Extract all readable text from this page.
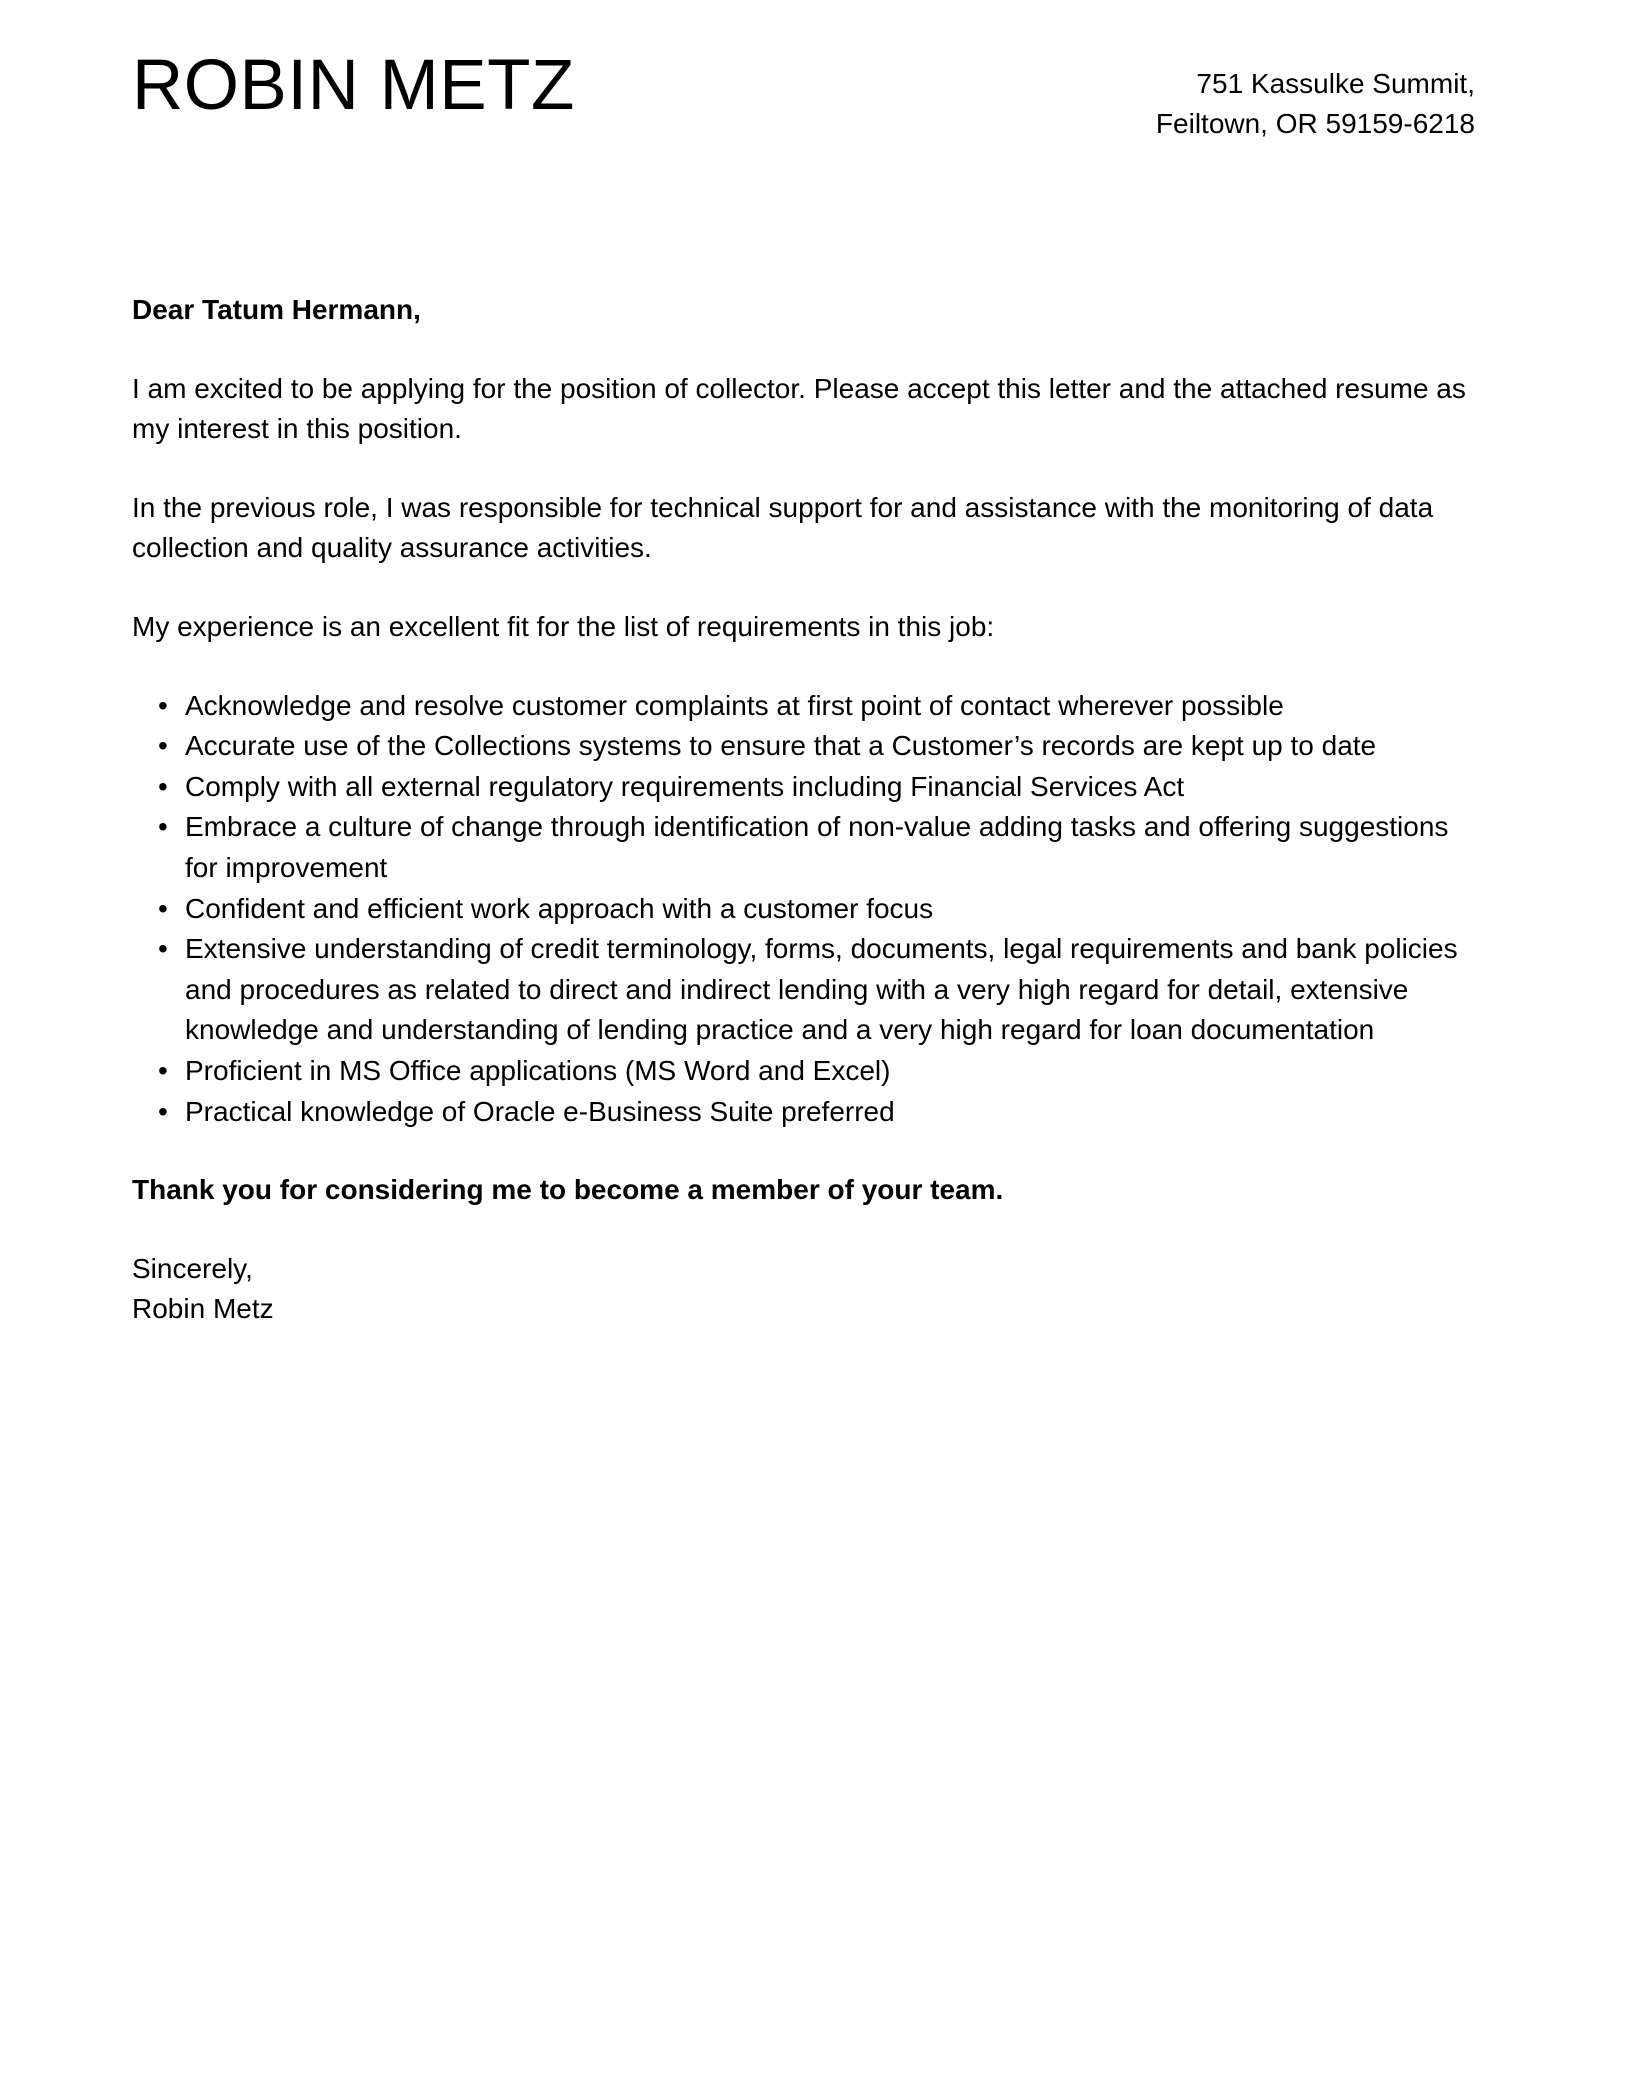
ROBIN METZ	751 Kassulke Summit,
Feiltown, OR 59159-6218

Dear Tatum Hermann,

I am excited to be applying for the position of collector. Please accept this letter and the attached resume as my interest in this position.

In the previous role, I was responsible for technical support for and assistance with the monitoring of data collection and quality assurance activities.

My experience is an excellent fit for the list of requirements in this job:

• Acknowledge and resolve customer complaints at first point of contact wherever possible
• Accurate use of the Collections systems to ensure that a Customer’s records are kept up to date
• Comply with all external regulatory requirements including Financial Services Act
• Embrace a culture of change through identification of non-value adding tasks and offering suggestions for improvement
• Confident and efficient work approach with a customer focus
• Extensive understanding of credit terminology, forms, documents, legal requirements and bank policies and procedures as related to direct and indirect lending with a very high regard for detail, extensive knowledge and understanding of lending practice and a very high regard for loan documentation
• Proficient in MS Office applications (MS Word and Excel)
• Practical knowledge of Oracle e-Business Suite preferred

Thank you for considering me to become a member of your team.

Sincerely,
Robin Metz
